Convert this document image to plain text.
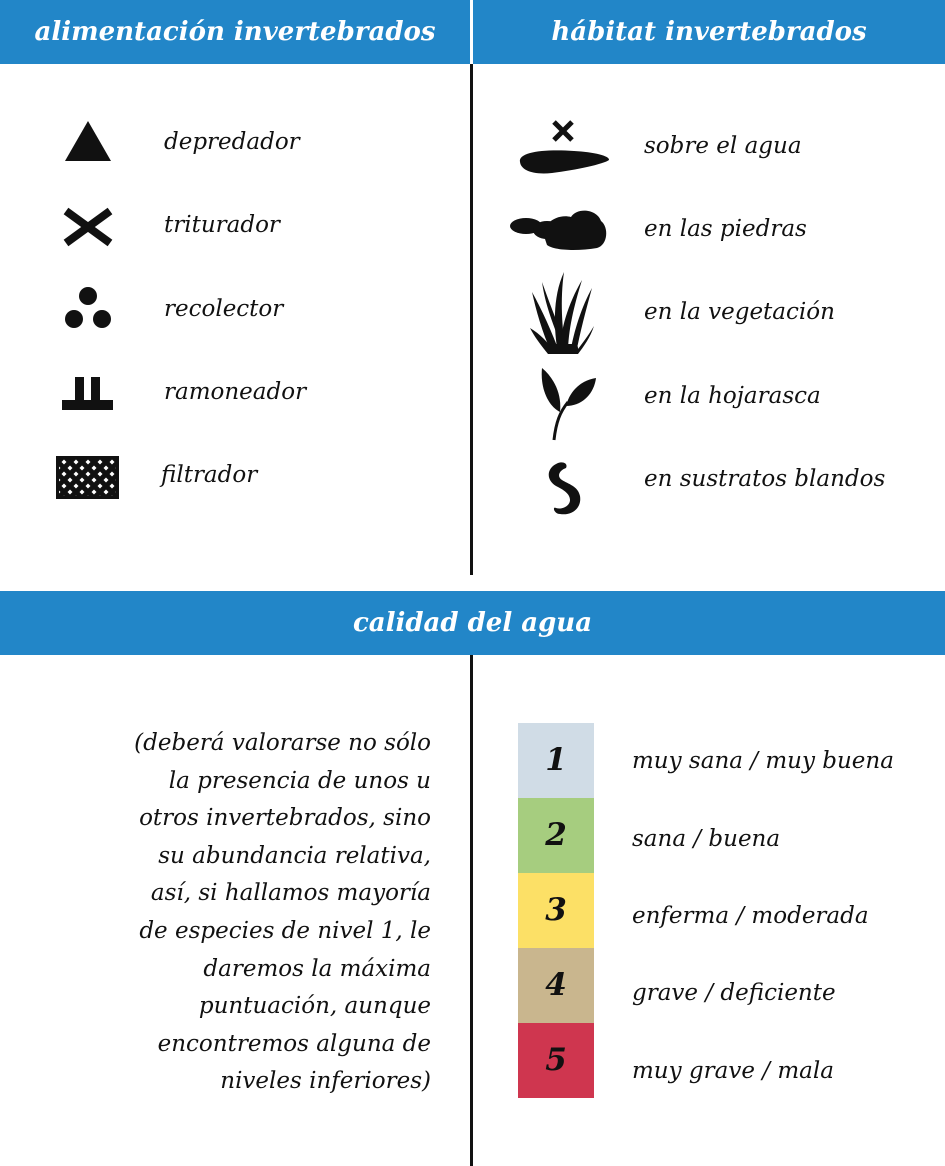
alimentación invertebrados	hábitat invertebrados
depredador
triturador
recolector
ramoneador
filtrador
sobre el agua
en las piedras
en la vegetación
en la hojarasca
en sustratos blandos
calidad del agua
(deberá valorarse no sólo
la presencia de unos u
otros invertebrados, sino
su abundancia relativa,
así, si hallamos mayoría
de especies de nivel 1, le
daremos la máxima
puntuación, aunque
encontremos alguna de
niveles inferiores)
1
2
3
4
5
muy sana / muy buena
sana / buena
enferma / moderada
grave / deficiente
muy grave / mala
